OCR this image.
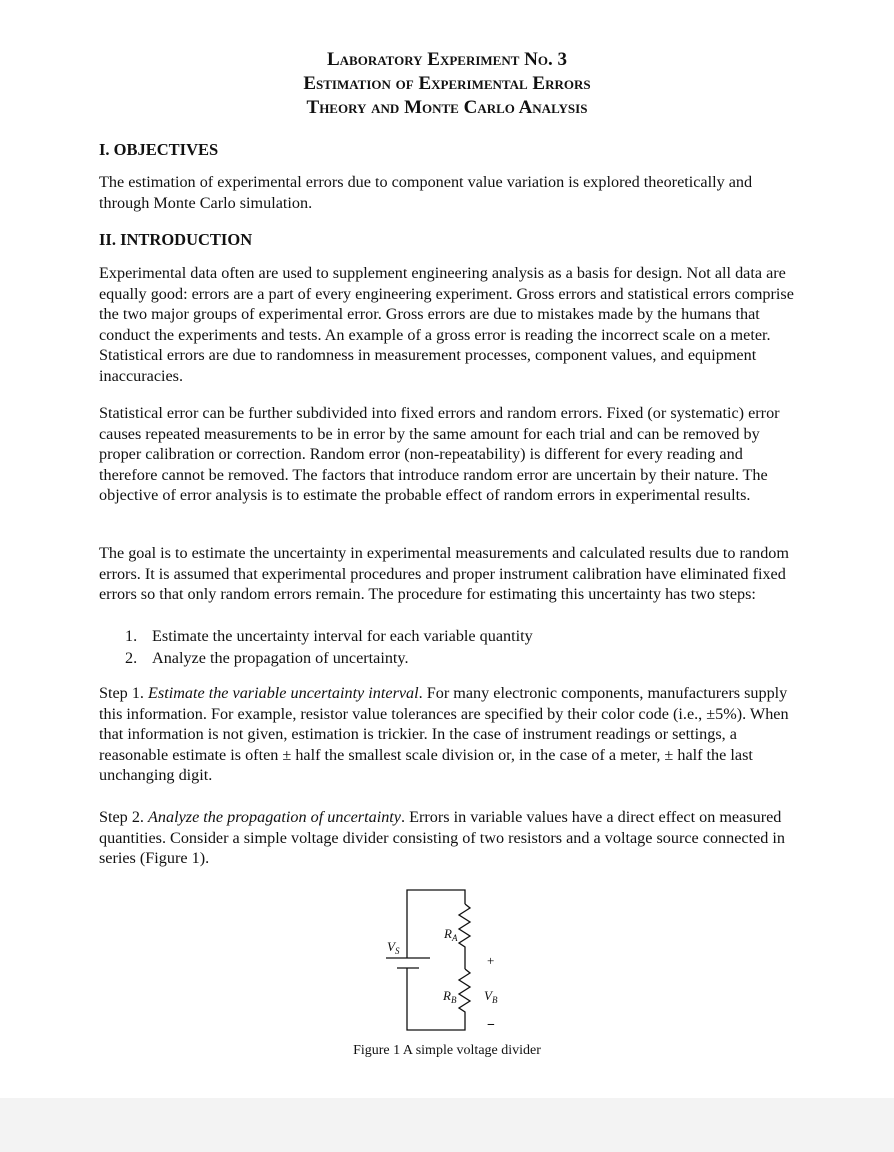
Laboratory Experiment No. 3
Estimation of Experimental Errors
Theory and Monte Carlo Analysis
I. OBJECTIVES

The estimation of experimental errors due to component value variation is explored theoretically and through Monte Carlo simulation.

II. INTRODUCTION

Experimental data often are used to supplement engineering analysis as a basis for design. Not all data are equally good: errors are a part of every engineering experiment. Gross errors and statistical errors comprise the two major groups of experimental error. Gross errors are due to mistakes made by the humans that conduct the experiments and tests. An example of a gross error is reading the incorrect scale on a meter. Statistical errors are due to randomness in measurement processes, component values, and equipment inaccuracies.

Statistical error can be further subdivided into fixed errors and random errors. Fixed (or systematic) error causes repeated measurements to be in error by the same amount for each trial and can be removed by proper calibration or correction. Random error (non-repeatability) is different for every reading and therefore cannot be removed. The factors that introduce random error are uncertain by their nature. The objective of error analysis is to estimate the probable effect of random errors in experimental results.

The goal is to estimate the uncertainty in experimental measurements and calculated results due to random errors. It is assumed that experimental procedures and proper instrument calibration have eliminated fixed errors so that only random errors remain. The procedure for estimating this uncertainty has two steps:

1. Estimate the uncertainty interval for each variable quantity
2. Analyze the propagation of uncertainty.

Step 1. Estimate the variable uncertainty interval. For many electronic components, manufacturers supply this information. For example, resistor value tolerances are specified by their color code (i.e., ±5%). When that information is not given, estimation is trickier. In the case of instrument readings or settings, a reasonable estimate is often ± half the smallest scale division or, in the case of a meter, ± half the last unchanging digit.

Step 2. Analyze the propagation of uncertainty. Errors in variable values have a direct effect on measured quantities. Consider a simple voltage divider consisting of two resistors and a voltage source connected in series (Figure 1).

$V_S$
$R_A$
$R_B$ $V_B$
+
−
Figure 1 A simple voltage divider
